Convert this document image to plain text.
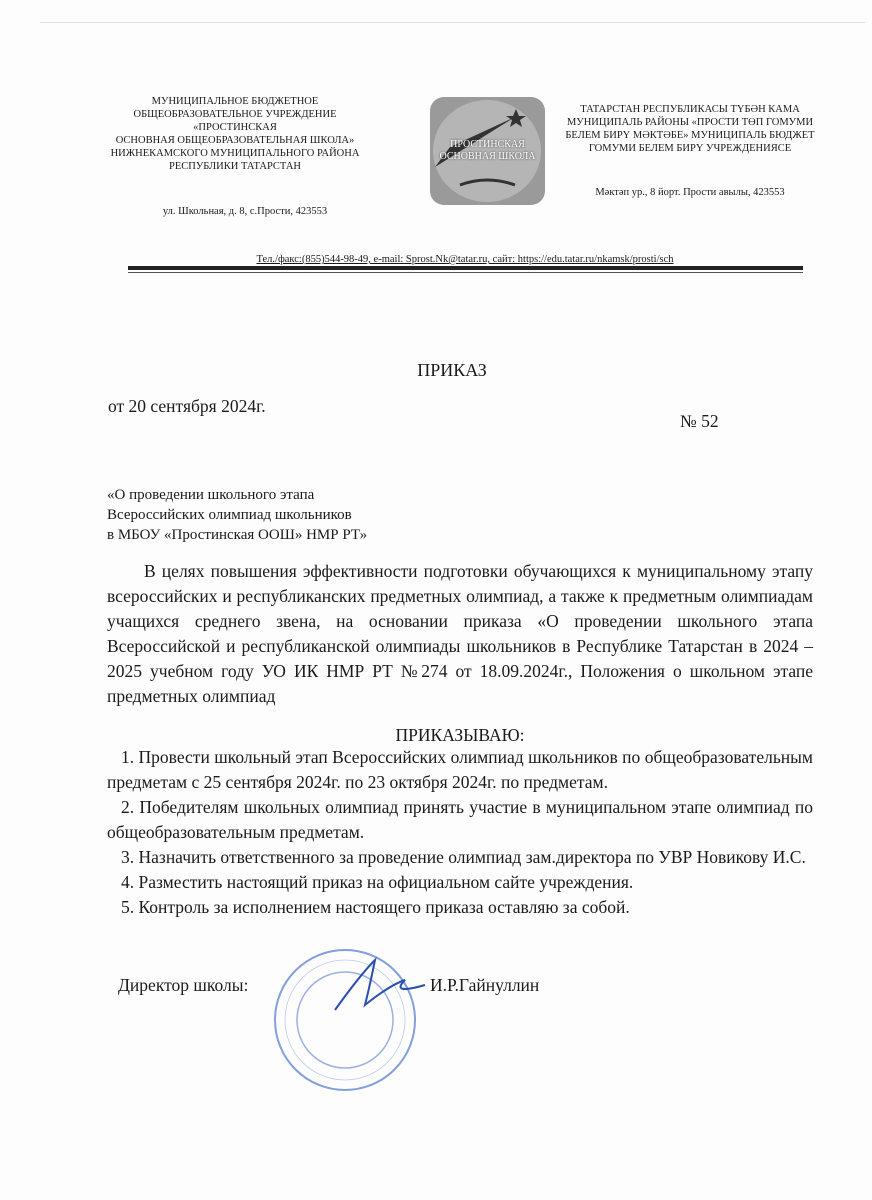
МУНИЦИПАЛЬНОЕ БЮДЖЕТНОЕ
ОБЩЕОБРАЗОВАТЕЛЬНОЕ УЧРЕЖДЕНИЕ «ПРОСТИНСКАЯ
ОСНОВНАЯ ОБЩЕОБРАЗОВАТЕЛЬНАЯ ШКОЛА»
НИЖНЕКАМСКОГО МУНИЦИПАЛЬНОГО РАЙОНА
РЕСПУБЛИКИ ТАТАРСТАН
ул. Школьная, д. 8, с.Прости, 423553
ПРОСТИНСКАЯ ОСНОВНАЯ ШКОЛА
ТАТАРСТАН РЕСПУБЛИКАСЫ ТҮБӘН КАМА
МУНИЦИПАЛЬ РАЙОНЫ «ПРОСТИ ТӨП ГОМУМИ
БЕЛЕМ БИРҮ МӘКТӘБЕ» МУНИЦИПАЛЬ БЮДЖЕТ
ГОМУМИ БЕЛЕМ БИРҮ УЧРЕЖДЕНИЯСЕ
Мәктәп ур., 8 йорт. Прости авылы, 423553
Тел./факс:(855)544-98-49, e-mail: Sprost.Nk@tatar.ru, сайт: https://edu.tatar.ru/nkamsk/prosti/sch
ПРИКАЗ
от 20 сентября 2024г.
№ 52
«О проведении школьного этапа
Всероссийских олимпиад школьников
в МБОУ «Простинская ООШ» НМР РТ»

В целях повышения эффективности подготовки обучающихся к муниципальному этапу всероссийских и республиканских предметных олимпиад, а также к предметным олимпиадам учащихся среднего звена, на основании приказа «О проведении школьного этапа Всероссийской и республиканской олимпиады школьников в Республике Татарстан в 2024 – 2025 учебном году УО ИК НМР РТ №274 от 18.09.2024г., Положения о школьном этапе предметных олимпиад

ПРИКАЗЫВАЮ:

1. Провести школьный этап Всероссийских олимпиад школьников по общеобразовательным предметам с 25 сентября 2024г. по 23 октября 2024г. по предметам.

2. Победителям школьных олимпиад принять участие в муниципальном этапе олимпиад по общеобразовательным предметам.

3. Назначить ответственного за проведение олимпиад зам.директора по УВР Новикову И.С.

4. Разместить настоящий приказ на официальном сайте учреждения.

5. Контроль за исполнением настоящего приказа оставляю за собой.

Директор школы:	И.Р.Гайнуллин
